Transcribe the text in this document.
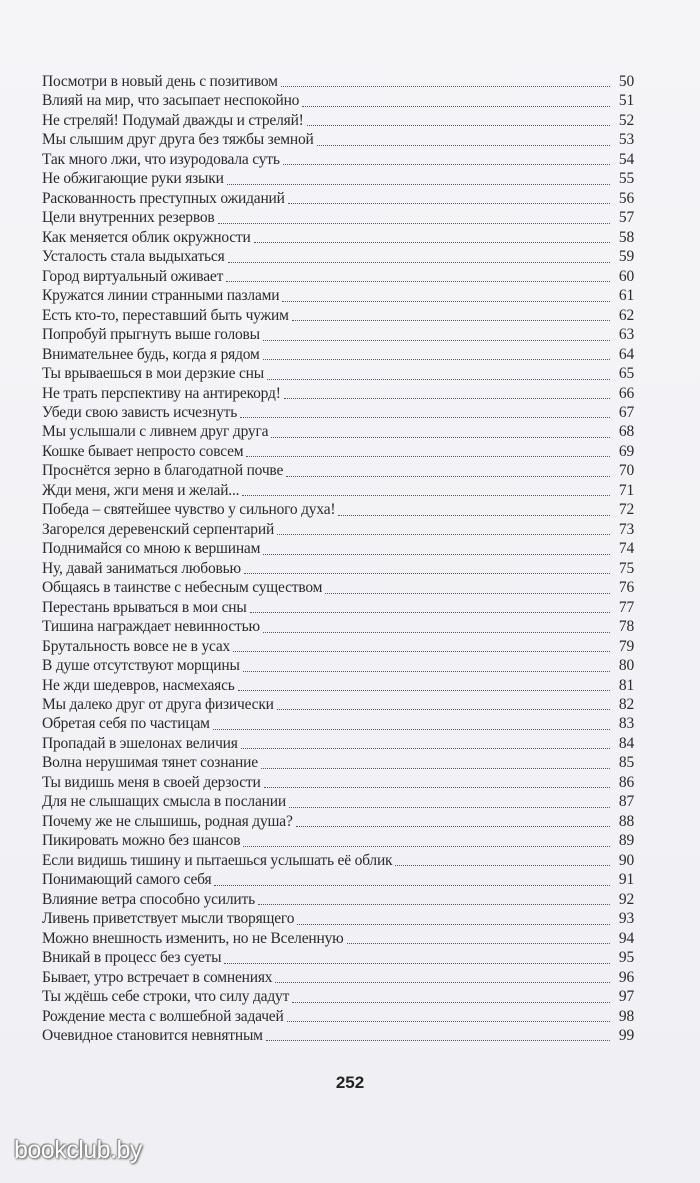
Посмотри в новый день с позитивом	50
Влияй на мир, что засыпает неспокойно	51
Не стреляй! Подумай дважды и стреляй!	52
Мы слышим друг друга без тяжбы земной	53
Так много лжи, что изуродовала суть	54
Не обжигающие руки языки	55
Раскованность преступных ожиданий	56
Цели внутренних резервов	57
Как меняется облик окружности	58
Усталость стала выдыхаться	59
Город виртуальный оживает	60
Кружатся линии странными пазлами	61
Есть кто-то, переставший быть чужим	62
Попробуй прыгнуть выше головы	63
Внимательнее будь, когда я рядом	64
Ты врываешься в мои дерзкие сны	65
Не трать перспективу на антирекорд!	66
Убеди свою зависть исчезнуть	67
Мы услышали с ливнем друг друга	68
Кошке бывает непросто совсем	69
Проснётся зерно в благодатной почве	70
Жди меня, жги меня и желай...	71
Победа – святейшее чувство у сильного духа!	72
Загорелся деревенский серпентарий	73
Поднимайся со мною к вершинам	74
Ну, давай заниматься любовью	75
Общаясь в таинстве с небесным существом	76
Перестань врываться в мои сны	77
Тишина награждает невинностью	78
Брутальность вовсе не в усах	79
В душе отсутствуют морщины	80
Не жди шедевров, насмехаясь	81
Мы далеко друг от друга физически	82
Обретая себя по частицам	83
Пропадай в эшелонах величия	84
Волна нерушимая тянет сознание	85
Ты видишь меня в своей дерзости	86
Для не слышащих смысла в послании	87
Почему же не слышишь, родная душа?	88
Пикировать можно без шансов	89
Если видишь тишину и пытаешься услышать её облик	90
Понимающий самого себя	91
Влияние ветра способно усилить	92
Ливень приветствует мысли творящего	93
Можно внешность изменить, но не Вселенную	94
Вникай в процесс без суеты	95
Бывает, утро встречает в сомнениях	96
Ты ждёшь себе строки, что силу дадут	97
Рождение места с волшебной задачей	98
Очевидное становится невнятным	99
252
bookclub.by
